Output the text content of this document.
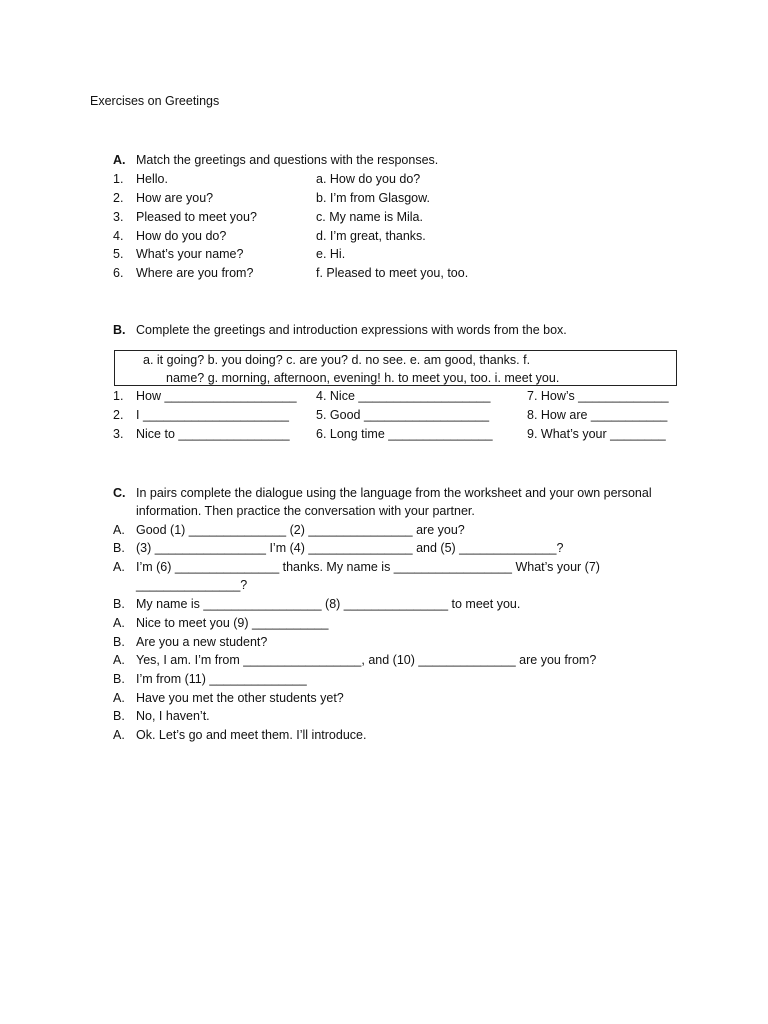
Exercises on Greetings
A. Match the greetings and questions with the responses.
1. Hello.	a. How do you do?
2. How are you?	b. I’m from Glasgow.
3. Pleased to meet you?	c. My name is Mila.
4. How do you do?	d. I’m great, thanks.
5. What’s your name?	e. Hi.
6. Where are you from?	f. Pleased to meet you, too.
B. Complete the greetings and introduction expressions with words from the box.
a. it going? b. you doing? c. are you? d. no see. e. am good, thanks. f.
name? g. morning, afternoon, evening! h. to meet you, too. i. meet you.
1. How ___________________ 4. Nice ___________________	7. How’s _____________
2. I _____________________ 5. Good __________________	8. How are ___________
3. Nice to ________________ 6. Long time _______________	9. What’s your ________
C. In pairs complete the dialogue using the language from the worksheet and your own personal
information. Then practice the conversation with your partner.
A. Good (1) ______________ (2) _______________ are you?
B. (3) ________________ I’m (4) _______________ and (5) ______________?
A. I’m (6) _______________ thanks. My name is _________________ What’s your (7)
_______________?
B. My name is _________________ (8) _______________ to meet you.
A. Nice to meet you (9) ___________
B. Are you a new student?
A. Yes, I am. I’m from _________________, and (10) ______________ are you from?
B. I’m from (11) ______________
A. Have you met the other students yet?
B. No, I haven’t.
A. Ok. Let’s go and meet them. I’ll introduce.
